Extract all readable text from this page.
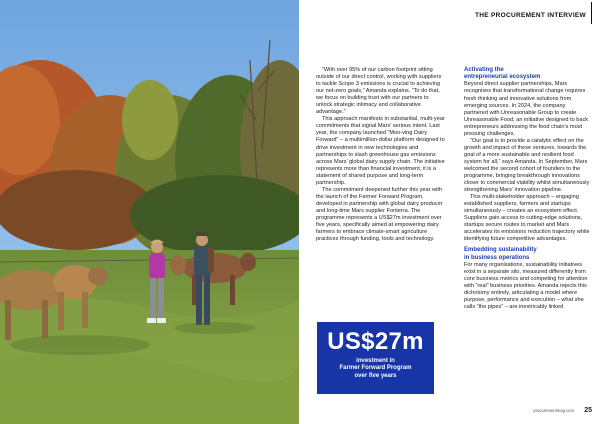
THE PROCUREMENT INTERVIEW

“With over 95% of our carbon footprint sitting outside of our direct control, working with suppliers to tackle Scope 3 emissions is crucial to achieving our net-zero goals,” Amanda explains. “To do that, we focus on building trust with our partners to unlock strategic intimacy and collaborative advantage.”

This approach manifests in substantial, multi-year commitments that signal Mars’ serious intent. Last year, the company launched “Moo-ving Dairy Forward” – a multimillion-dollar platform designed to drive investment in new technologies and partnerships to slash greenhouse gas emissions across Mars’ global dairy supply chain. The initiative represents more than financial investment, it is a statement of shared purpose and long-term partnership.

The commitment deepened further this year with the launch of the Farmer Forward Program, developed in partnership with global dairy producer and long-time Mars supplier Fonterra. The programme represents a US$27m investment over five years, specifically aimed at empowering dairy farmers to embrace climate-smart agriculture practices through funding, tools and technology.

US$27m
investment in
Farmer Forward Program
over five years
Activating the
entrepreneurial ecosystem

Beyond direct supplier partnerships, Mars recognises that transformational change requires fresh thinking and innovative solutions from emerging sources. In 2024, the company partnered with Unreasonable Group to create Unreasonable Food, an initiative designed to back entrepreneurs addressing the food chain’s most pressing challenges.

“Our goal is to provide a catalytic effect on the growth and impact of these ventures, towards the goal of a more sustainable and resilient food system for all,” says Amanda. In September, Mars welcomed the second cohort of founders to the programme, bringing breakthrough innovations closer to commercial viability whilst simultaneously strengthening Mars’ innovation pipeline.

This multi-stakeholder approach – engaging established suppliers, farmers and startups simultaneously – creates an ecosystem effect. Suppliers gain access to cutting-edge solutions, startups secure routes to market and Mars accelerates its emissions reduction trajectory while identifying future competitive advantages.

Embedding sustainability
in business operations

For many organisations, sustainability initiatives exist in a separate silo, measured differently from core business metrics and competing for attention with “real” business priorities. Amanda rejects this dichotomy entirely, articulating a model where purpose, performance and execution – what she calls “the pipes” – are inextricably linked

procurementmag.com 25
